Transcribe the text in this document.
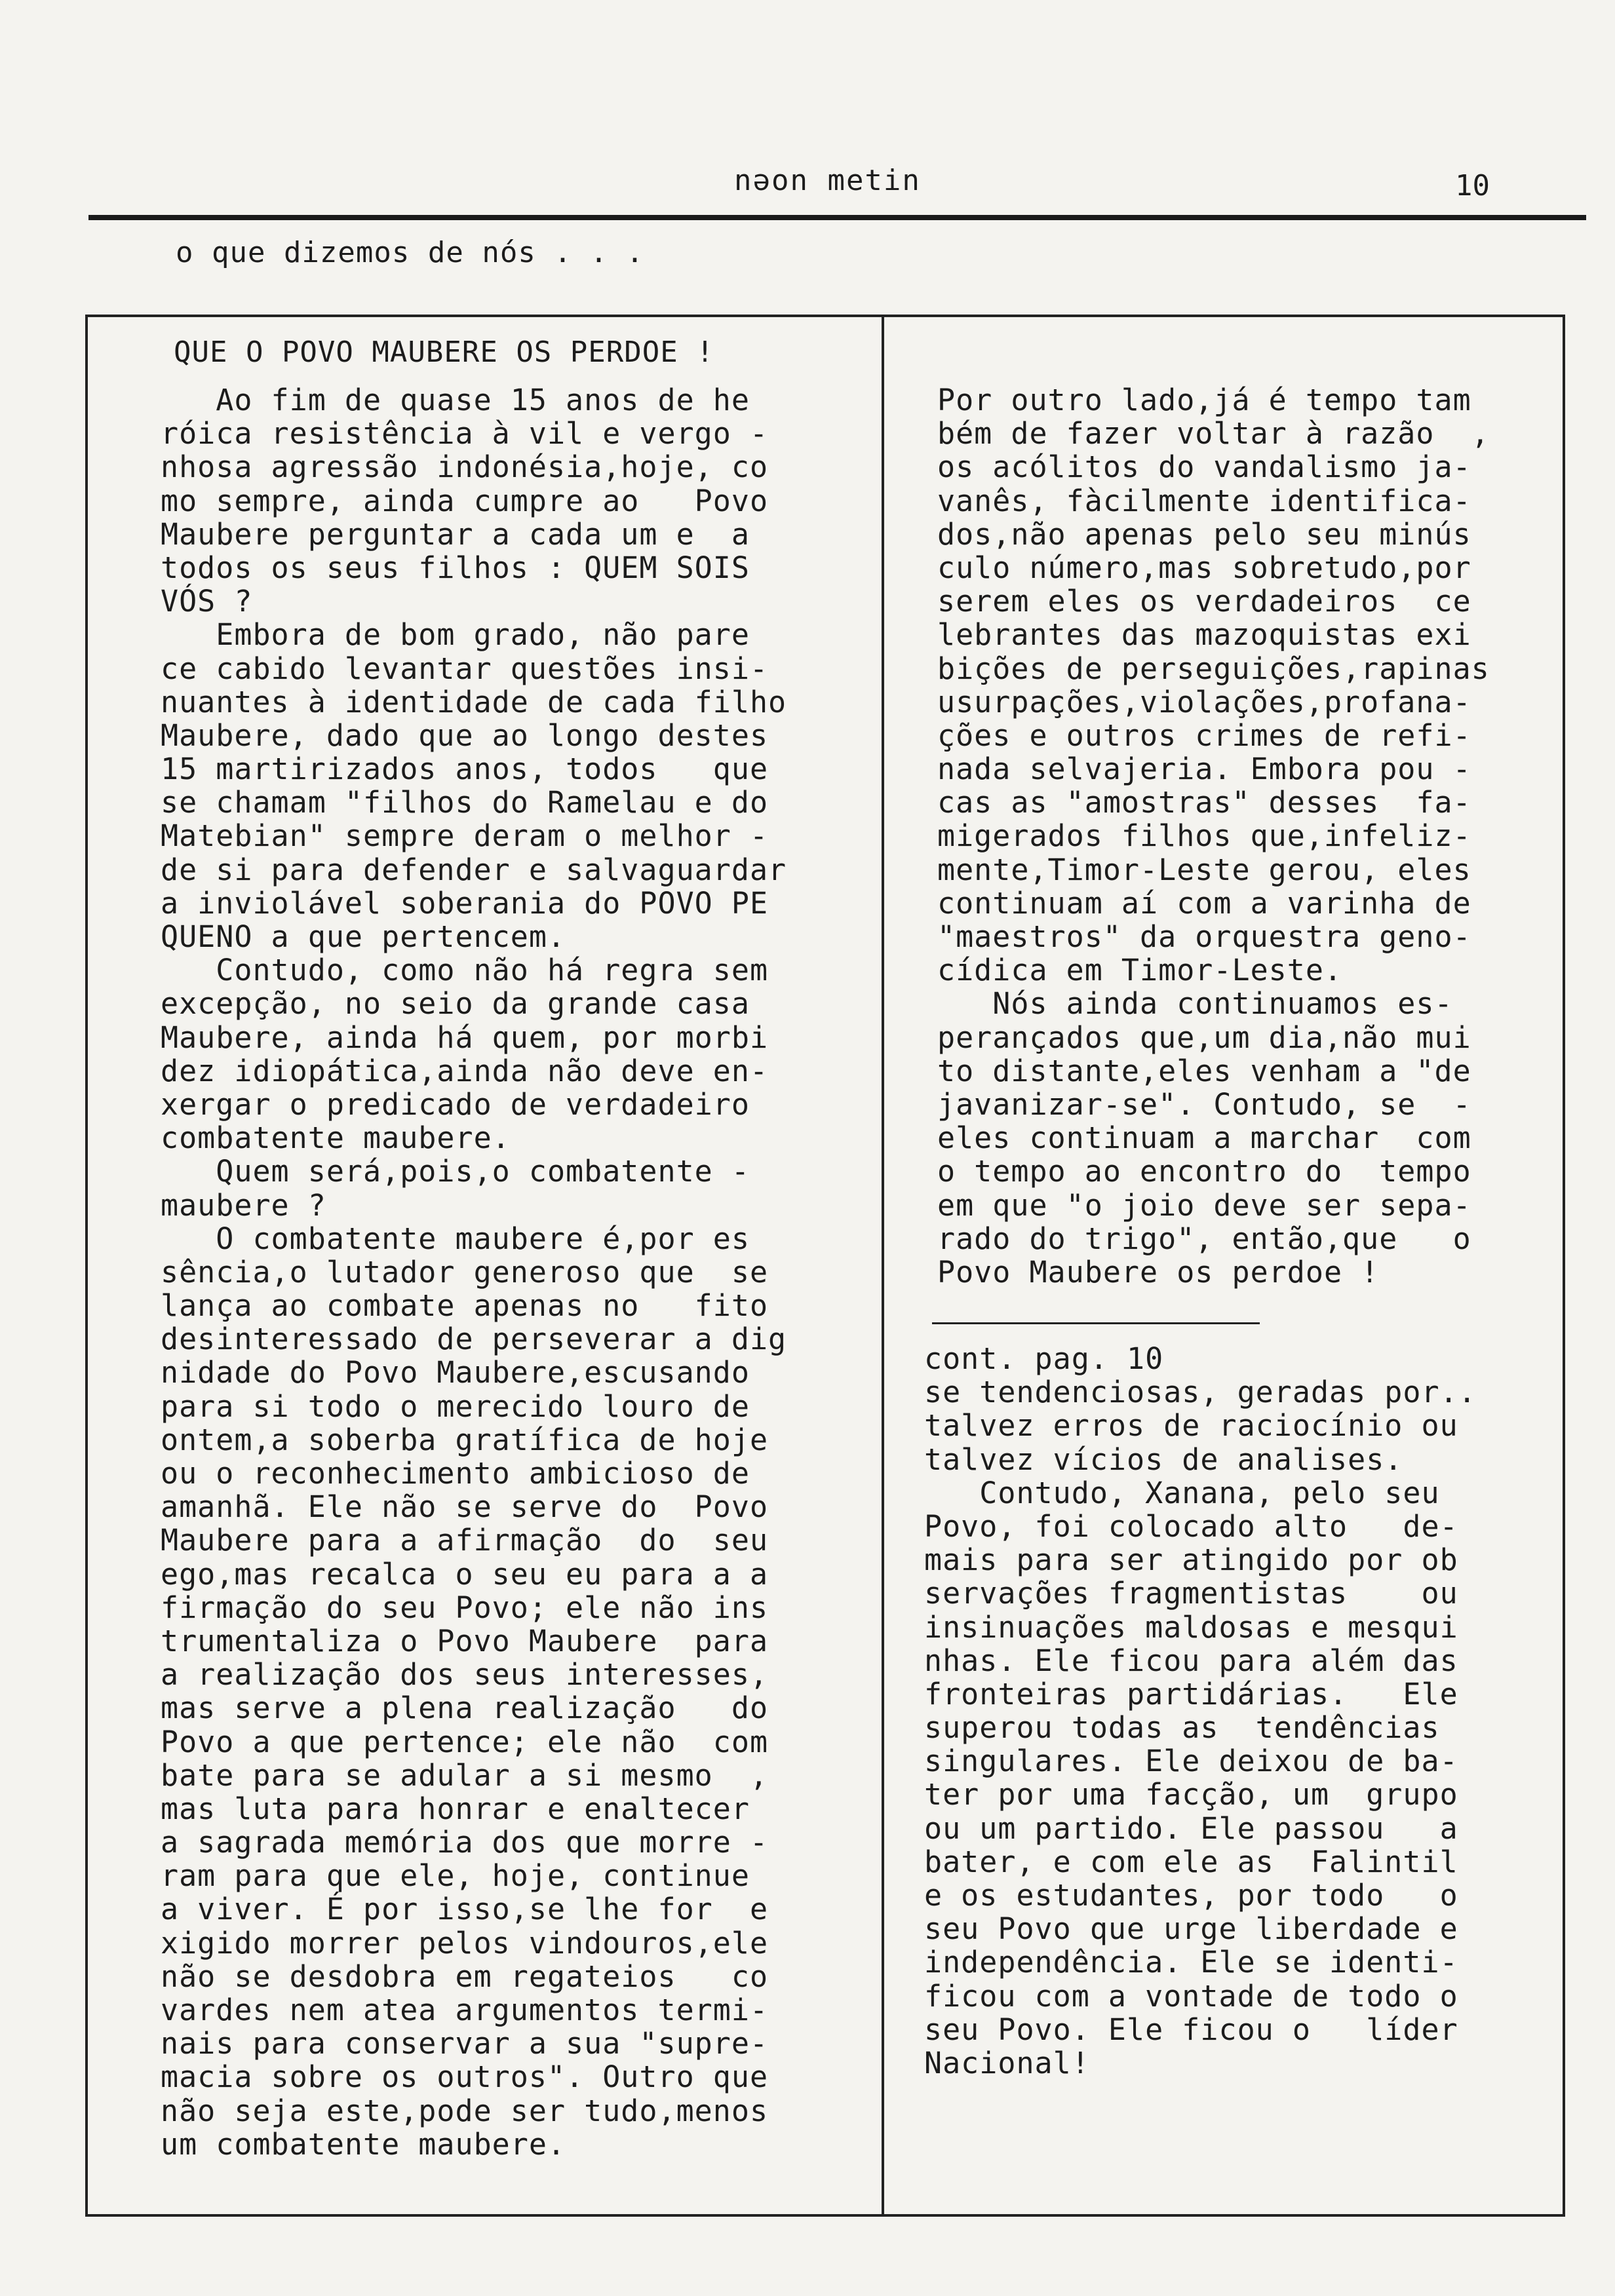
nəon metin	10
o que dizemos de nós . . .
QUE O POVO MAUBERE OS PERDOE !
Ao fim de quase 15 anos de he
róica resistência à vil e vergo -
nhosa agressão indonésia,hoje, co
mo sempre, ainda cumpre ao   Povo
Maubere perguntar a cada um e  a
todos os seus filhos : QUEM SOIS
VÓS ?
Embora de bom grado, não pare
ce cabido levantar questões insi-
nuantes à identidade de cada filho
Maubere, dado que ao longo destes
15 martirizados anos, todos   que
se chamam "filhos do Ramelau e do
Matebian" sempre deram o melhor -
de si para defender e salvaguardar
a inviolável soberania do POVO PE
QUENO a que pertencem.
Contudo, como não há regra sem
excepção, no seio da grande casa
Maubere, ainda há quem, por morbi
dez idiopática,ainda não deve en-
xergar o predicado de verdadeiro
combatente maubere.
Quem será,pois,o combatente -
maubere ?
O combatente maubere é,por es
sência,o lutador generoso que  se
lança ao combate apenas no   fito
desinteressado de perseverar a dig
nidade do Povo Maubere,escusando
para si todo o merecido louro de
ontem,a soberba gratífica de hoje
ou o reconhecimento ambicioso de
amanhã. Ele não se serve do  Povo
Maubere para a afirmação  do  seu
ego,mas recalca o seu eu para a a
firmação do seu Povo; ele não ins
trumentaliza o Povo Maubere  para
a realização dos seus interesses,
mas serve a plena realização   do
Povo a que pertence; ele não  com
bate para se adular a si mesmo  ,
mas luta para honrar e enaltecer
a sagrada memória dos que morre -
ram para que ele, hoje, continue
a viver. É por isso,se lhe for  e
xigido morrer pelos vindouros,ele
não se desdobra em regateios   co
vardes nem atea argumentos termi-
nais para conservar a sua "supre-
macia sobre os outros". Outro que
não seja este,pode ser tudo,menos
um combatente maubere.
Por outro lado,já é tempo tam
bém de fazer voltar à razão  ,
os acólitos do vandalismo ja-
vanês, fàcilmente identifica-
dos,não apenas pelo seu minús
culo número,mas sobretudo,por
serem eles os verdadeiros  ce
lebrantes das mazoquistas exi
bições de perseguições,rapinas
usurpações,violações,profana-
ções e outros crimes de refi-
nada selvajeria. Embora pou -
cas as "amostras" desses  fa-
migerados filhos que,infeliz-
mente,Timor-Leste gerou, eles
continuam aí com a varinha de
"maestros" da orquestra geno-
cídica em Timor-Leste.
Nós ainda continuamos es-
perançados que,um dia,não mui
to distante,eles venham a "de
javanizar-se". Contudo, se  -
eles continuam a marchar  com
o tempo ao encontro do  tempo
em que "o joio deve ser sepa-
rado do trigo", então,que   o
Povo Maubere os perdoe !
cont. pag. 10
se tendenciosas, geradas por..
talvez erros de raciocínio ou
talvez vícios de analises.
Contudo, Xanana, pelo seu
Povo, foi colocado alto   de-
mais para ser atingido por ob
servações fragmentistas    ou
insinuações maldosas e mesqui
nhas. Ele ficou para além das
fronteiras partidárias.   Ele
superou todas as  tendências
singulares. Ele deixou de ba-
ter por uma facção, um  grupo
ou um partido. Ele passou   a
bater, e com ele as  Falintil
e os estudantes, por todo   o
seu Povo que urge liberdade e
independência. Ele se identi-
ficou com a vontade de todo o
seu Povo. Ele ficou o   líder
Nacional!
